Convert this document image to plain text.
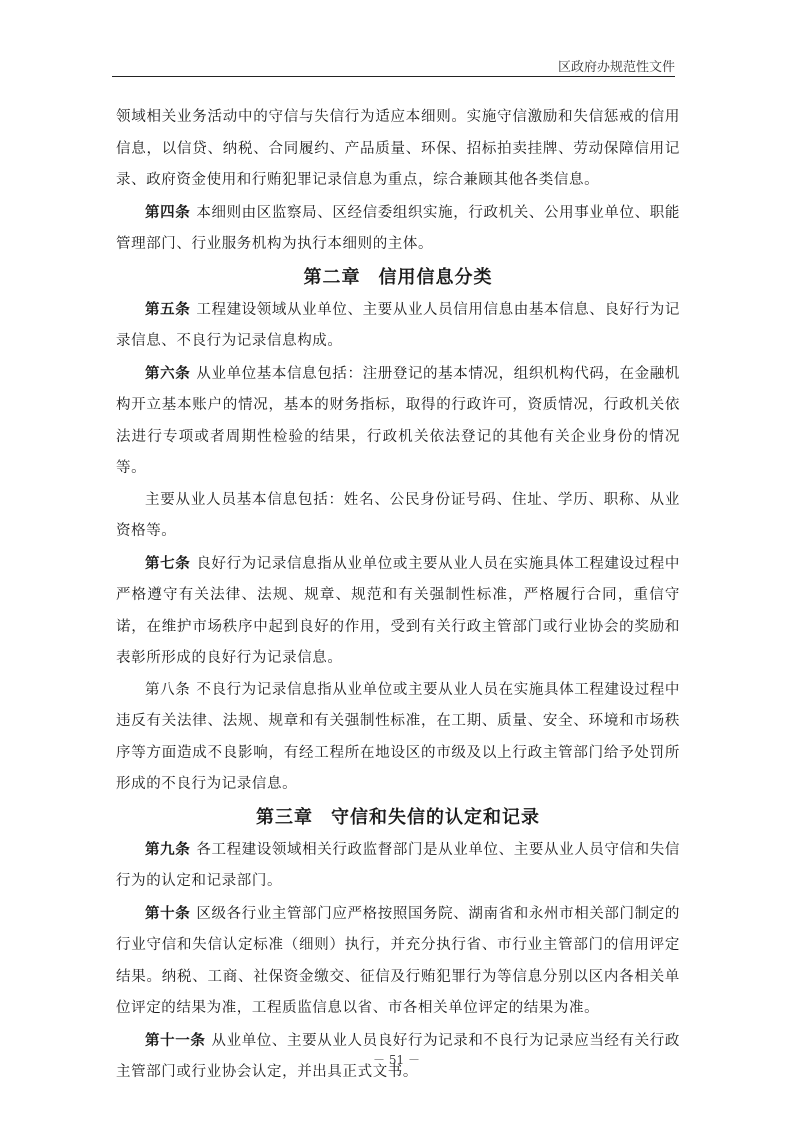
区政府办规范性文件

领域相关业务活动中的守信与失信行为适应本细则。实施守信激励和失信惩戒的信用信息，以信贷、纳税、合同履约、产品质量、环保、招标拍卖挂牌、劳动保障信用记录、政府资金使用和行贿犯罪记录信息为重点，综合兼顾其他各类信息。

第四条 本细则由区监察局、区经信委组织实施，行政机关、公用事业单位、职能管理部门、行业服务机构为执行本细则的主体。

第二章 信用信息分类

第五条 工程建设领域从业单位、主要从业人员信用信息由基本信息、良好行为记录信息、不良行为记录信息构成。

第六条 从业单位基本信息包括：注册登记的基本情况，组织机构代码，在金融机构开立基本账户的情况，基本的财务指标，取得的行政许可，资质情况，行政机关依法进行专项或者周期性检验的结果，行政机关依法登记的其他有关企业身份的情况等。

主要从业人员基本信息包括：姓名、公民身份证号码、住址、学历、职称、从业资格等。

第七条 良好行为记录信息指从业单位或主要从业人员在实施具体工程建设过程中严格遵守有关法律、法规、规章、规范和有关强制性标准，严格履行合同，重信守诺，在维护市场秩序中起到良好的作用，受到有关行政主管部门或行业协会的奖励和表彰所形成的良好行为记录信息。

第八条 不良行为记录信息指从业单位或主要从业人员在实施具体工程建设过程中违反有关法律、法规、规章和有关强制性标准，在工期、质量、安全、环境和市场秩序等方面造成不良影响，有经工程所在地设区的市级及以上行政主管部门给予处罚所形成的不良行为记录信息。

第三章 守信和失信的认定和记录

第九条 各工程建设领域相关行政监督部门是从业单位、主要从业人员守信和失信行为的认定和记录部门。

第十条 区级各行业主管部门应严格按照国务院、湖南省和永州市相关部门制定的行业守信和失信认定标准（细则）执行，并充分执行省、市行业主管部门的信用评定结果。纳税、工商、社保资金缴交、征信及行贿犯罪行为等信息分别以区内各相关单位评定的结果为准，工程质监信息以省、市各相关单位评定的结果为准。

第十一条 从业单位、主要从业人员良好行为记录和不良行为记录应当经有关行政主管部门或行业协会认定，并出具正式文书。

－ 51 －
